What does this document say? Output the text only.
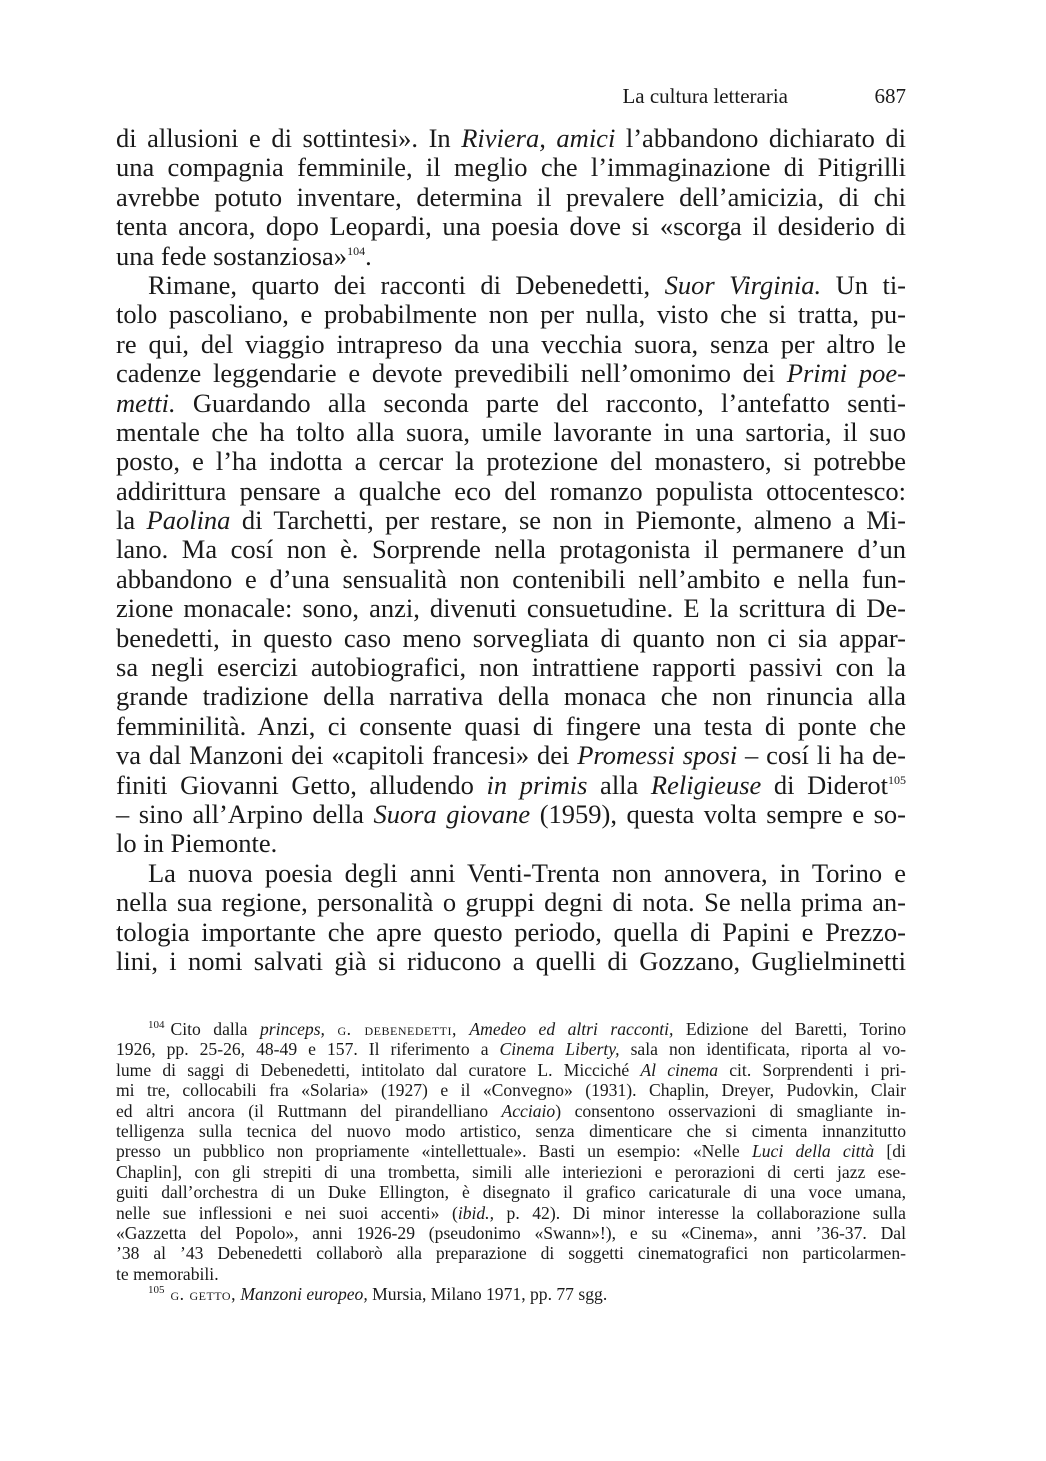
La cultura letteraria	687
di allusioni e di sottintesi». In Riviera, amici l’abbandono dichiarato di
una compagnia femminile, il meglio che l’immaginazione di Pitigrilli
avrebbe potuto inventare, determina il prevalere dell’amicizia, di chi
tenta ancora, dopo Leopardi, una poesia dove si «scorga il desiderio di
una fede sostanziosa»$^{104}$.
Rimane, quarto dei racconti di Debenedetti, Suor Virginia. Un ti-
tolo pascoliano, e probabilmente non per nulla, visto che si tratta, pu-
re qui, del viaggio intrapreso da una vecchia suora, senza per altro le
cadenze leggendarie e devote prevedibili nell’omonimo dei Primi poe-
metti. Guardando alla seconda parte del racconto, l’antefatto senti-
mentale che ha tolto alla suora, umile lavorante in una sartoria, il suo
posto, e l’ha indotta a cercar la protezione del monastero, si potrebbe
addirittura pensare a qualche eco del romanzo populista ottocentesco:
la Paolina di Tarchetti, per restare, se non in Piemonte, almeno a Mi-
lano. Ma cosí non è. Sorprende nella protagonista il permanere d’un
abbandono e d’una sensualità non contenibili nell’ambito e nella fun-
zione monacale: sono, anzi, divenuti consuetudine. E la scrittura di De-
benedetti, in questo caso meno sorvegliata di quanto non ci sia appar-
sa negli esercizi autobiografici, non intrattiene rapporti passivi con la
grande tradizione della narrativa della monaca che non rinuncia alla
femminilità. Anzi, ci consente quasi di fingere una testa di ponte che
va dal Manzoni dei «capitoli francesi» dei Promessi sposi – cosí li ha de-
finiti Giovanni Getto, alludendo in primis alla Religieuse di Diderot$^{105}$
– sino all’Arpino della Suora giovane (1959), questa volta sempre e so-
lo in Piemonte.
La nuova poesia degli anni Venti-Trenta non annovera, in Torino e
nella sua regione, personalità o gruppi degni di nota. Se nella prima an-
tologia importante che apre questo periodo, quella di Papini e Prezzo-
lini, i nomi salvati già si riducono a quelli di Gozzano, Guglielminetti
$^{104}$ Cito dalla princeps, g. debenedetti, Amedeo ed altri racconti, Edizione del Baretti, Torino
1926, pp. 25-26, 48-49 e 157. Il riferimento a Cinema Liberty, sala non identificata, riporta al vo-
lume di saggi di Debenedetti, intitolato dal curatore L. Micciché Al cinema cit. Sorprendenti i pri-
mi tre, collocabili fra «Solaria» (1927) e il «Convegno» (1931). Chaplin, Dreyer, Pudovkin, Clair
ed altri ancora (il Ruttmann del pirandelliano Acciaio) consentono osservazioni di smagliante in-
telligenza sulla tecnica del nuovo modo artistico, senza dimenticare che si cimenta innanzitutto
presso un pubblico non propriamente «intellettuale». Basti un esempio: «Nelle Luci della città [di
Chaplin], con gli strepiti di una trombetta, simili alle interiezioni e perorazioni di certi jazz ese-
guiti dall’orchestra di un Duke Ellington, è disegnato il grafico caricaturale di una voce umana,
nelle sue inflessioni e nei suoi accenti» (ibid., p. 42). Di minor interesse la collaborazione sulla
«Gazzetta del Popolo», anni 1926-29 (pseudonimo «Swann»!), e su «Cinema», anni ’36-37. Dal
’38 al ’43 Debenedetti collaborò alla preparazione di soggetti cinematografici non particolarmen-
te memorabili.
$^{105}$ g. getto, Manzoni europeo, Mursia, Milano 1971, pp. 77 sgg.
